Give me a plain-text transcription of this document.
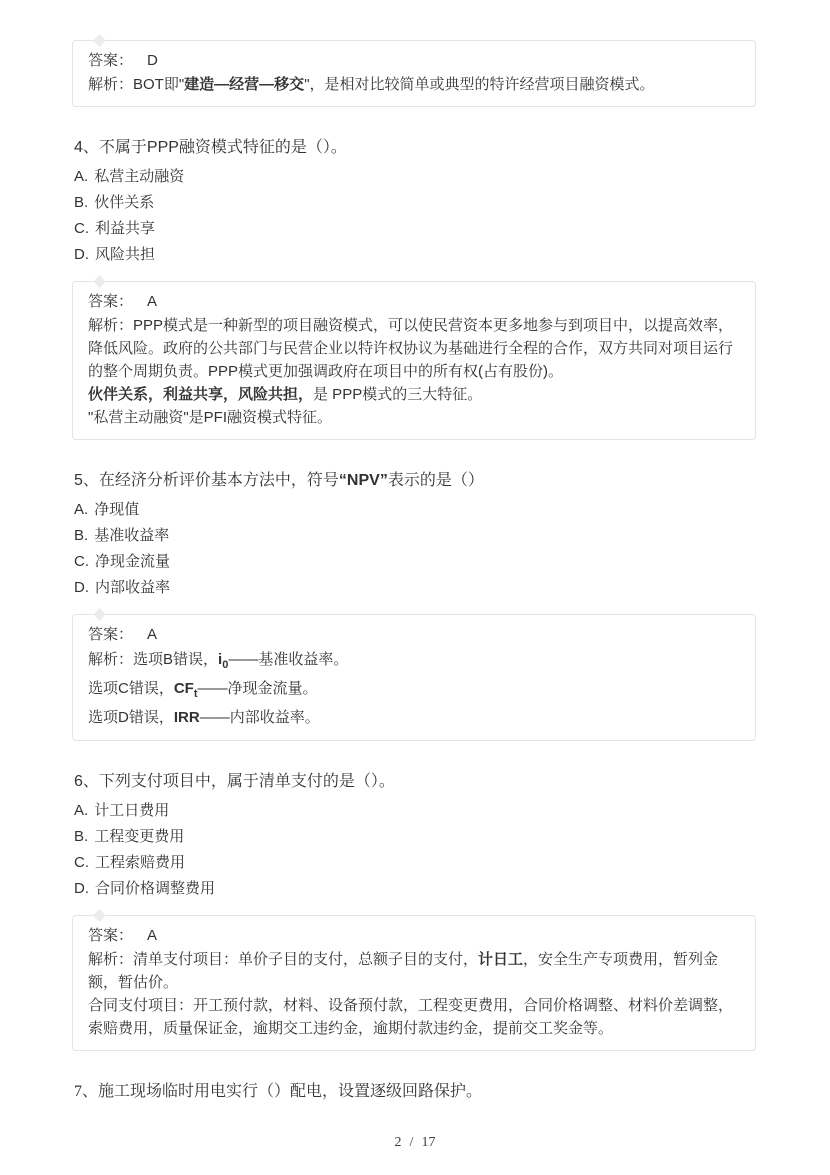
答案： D

解析：BOT即"建造—经营—移交"，是相对比较简单或典型的特许经营项目融资模式。

4、不属于PPP融资模式特征的是（）。
A. 私营主动融资
B. 伙伴关系
C. 利益共享
D. 风险共担
答案： A

解析：PPP模式是一种新型的项目融资模式，可以使民营资本更多地参与到项目中，以提高效率，降低风险。政府的公共部门与民营企业以特许权协议为基础进行全程的合作，双方共同对项目运行的整个周期负责。PPP模式更加强调政府在项目中的所有权(占有股份)。

伙伴关系，利益共享，风险共担，是 PPP模式的三大特征。

"私营主动融资"是PFI融资模式特征。

5、在经济分析评价基本方法中，符号“NPV”表示的是（）
A. 净现值
B. 基准收益率
C. 净现金流量
D. 内部收益率
答案： A

解析：选项B错误，$i_0——$基准收益率。

选项C错误，$CF_t——$净现金流量。

选项D错误，IRR——内部收益率。

6、下列支付项目中，属于清单支付的是（）。
A. 计工日费用
B. 工程变更费用
C. 工程索赔费用
D. 合同价格调整费用
答案： A

解析：清单支付项目：单价子目的支付，总额子目的支付，计日工，安全生产专项费用，暂列金额，暂估价。

合同支付项目：开工预付款，材料、设备预付款，工程变更费用，合同价格调整、材料价差调整，索赔费用，质量保证金，逾期交工违约金，逾期付款违约金，提前交工奖金等。

7、施工现场临时用电实行（）配电，设置逐级回路保护。
2 / 17
